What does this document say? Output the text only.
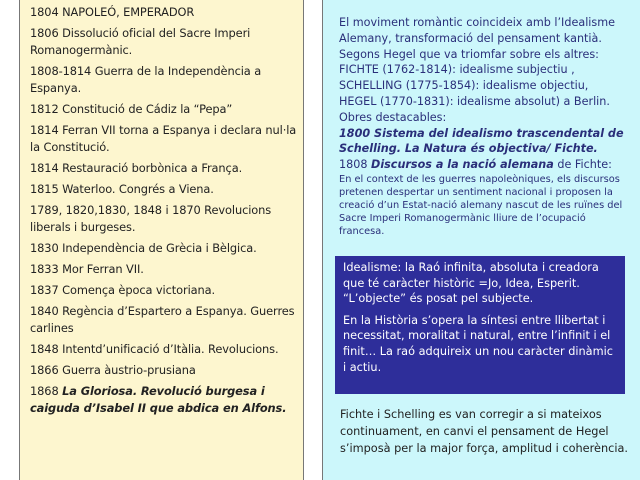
1804 NAPOLEÓ, EMPERADOR
1806 Dissolució oficial del Sacre Imperi Romanogermànic.
1808-1814 Guerra de la Independència a Espanya.
1812 Constitució de Cádiz la “Pepa”
1814 Ferran VII torna a Espanya i declara nul·la la Constitució.
1814 Restauració borbònica a França.
1815 Waterloo. Congrés a Viena.
1789, 1820,1830, 1848 i 1870 Revolucions liberals i burgeses.
1830 Independència de Grècia i Bèlgica.
1833 Mor Ferran VII.
1837 Comença època victoriana.
1840 Regència d’Espartero a Espanya. Guerres carlines
1848 Intentd’unificació d’Itàlia. Revolucions.
1866 Guerra àustrio-prusiana
1868 La Gloriosa. Revolució burgesa i caiguda d’Isabel II que abdica en Alfons.
El moviment romàntic coincideix amb l’Idealisme Alemany, transformació del pensament kantià. Segons Hegel que va triomfar sobre els altres:
FICHTE (1762-1814): idealisme subjectiu ,
SCHELLING (1775-1854): idealisme objectiu,
HEGEL (1770-1831): idealisme absolut) a Berlin.
Obres destacables:
1800 Sistema del idealismo trascendental de Schelling. La Natura és objectiva/ Fichte.
1808 Discursos a la nació alemana de Fichte:
En el context de les guerres napoleòniques, els discursos pretenen despertar un sentiment nacional i proposen la creació d’un Estat-nació alemany nascut de les ruïnes del Sacre Imperi Romanogermànic lliure de l’ocupació francesa.

Idealisme: la Raó infinita, absoluta i creadora que té caràcter històric =Jo, Idea, Esperit. “L’objecte” és posat pel subjecte.

En la Història s’opera la síntesi entre llibertat i necessitat, moralitat i natural, entre l’infinit i el finit… La raó adquireix un nou caràcter dinàmic i actiu.

Fichte i Schelling es van corregir a si mateixos continuament, en canvi el pensament de Hegel s’imposà per la major força, amplitud i coherència.
